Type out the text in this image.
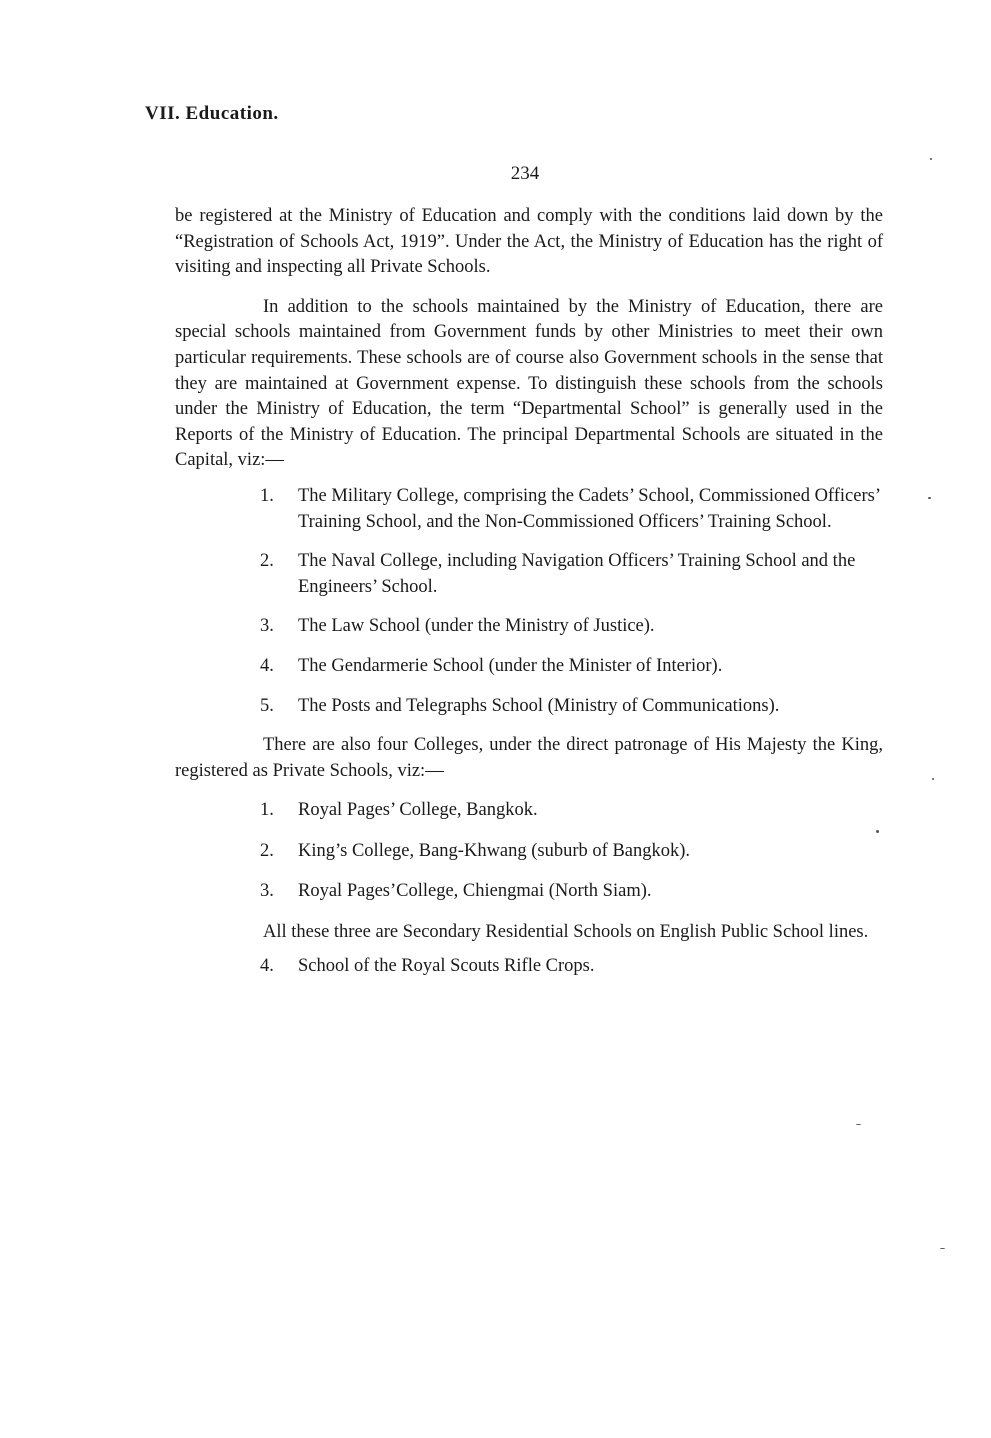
VII. Education.
234

be registered at the Ministry of Education and comply with the conditions laid down by the “Registration of Schools Act, 1919”. Under the Act, the Ministry of Education has the right of visiting and inspecting all Private Schools.

In addition to the schools maintained by the Ministry of Education, there are special schools maintained from Government funds by other Ministries to meet their own particular requirements. These schools are of course also Government schools in the sense that they are maintained at Government expense. To distinguish these schools from the schools under the Ministry of Education, the term “Departmental School” is generally used in the Reports of the Ministry of Education. The principal Departmental Schools are situated in the Capital, viz:—

1.	The Military College, comprising the Cadets’ School, Commissioned Officers’ Training School, and the Non-Commissioned Officers’ Training School.
2.	The Naval College, including Navigation Officers’ Training School and the Engineers’ School.
3.	The Law School (under the Ministry of Justice).
4.	The Gendarmerie School (under the Minister of Interior).
5.	The Posts and Telegraphs School (Ministry of Communications).

There are also four Colleges, under the direct patronage of His Majesty the King, registered as Private Schools, viz:—

1.	Royal Pages’ College, Bangkok.
2.	King’s College, Bang-Khwang (suburb of Bangkok).
3.	Royal Pages’College, Chiengmai (North Siam).

All these three are Secondary Residential Schools on English Public School lines.

4.	School of the Royal Scouts Rifle Crops.
